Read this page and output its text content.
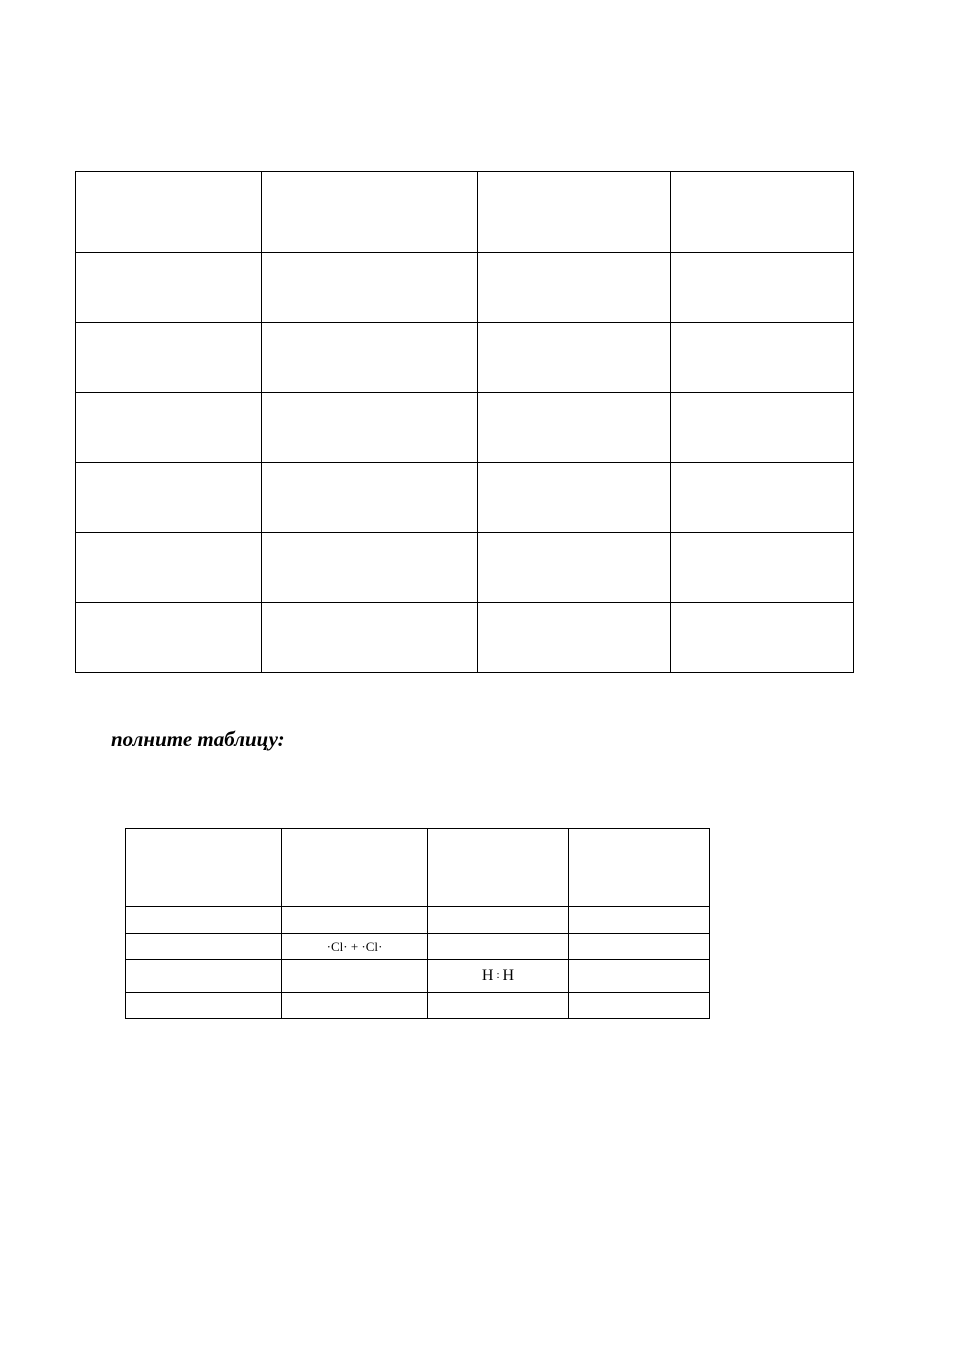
полните таблицу:

	·Cl· + ·Cl·		
		H : H	
